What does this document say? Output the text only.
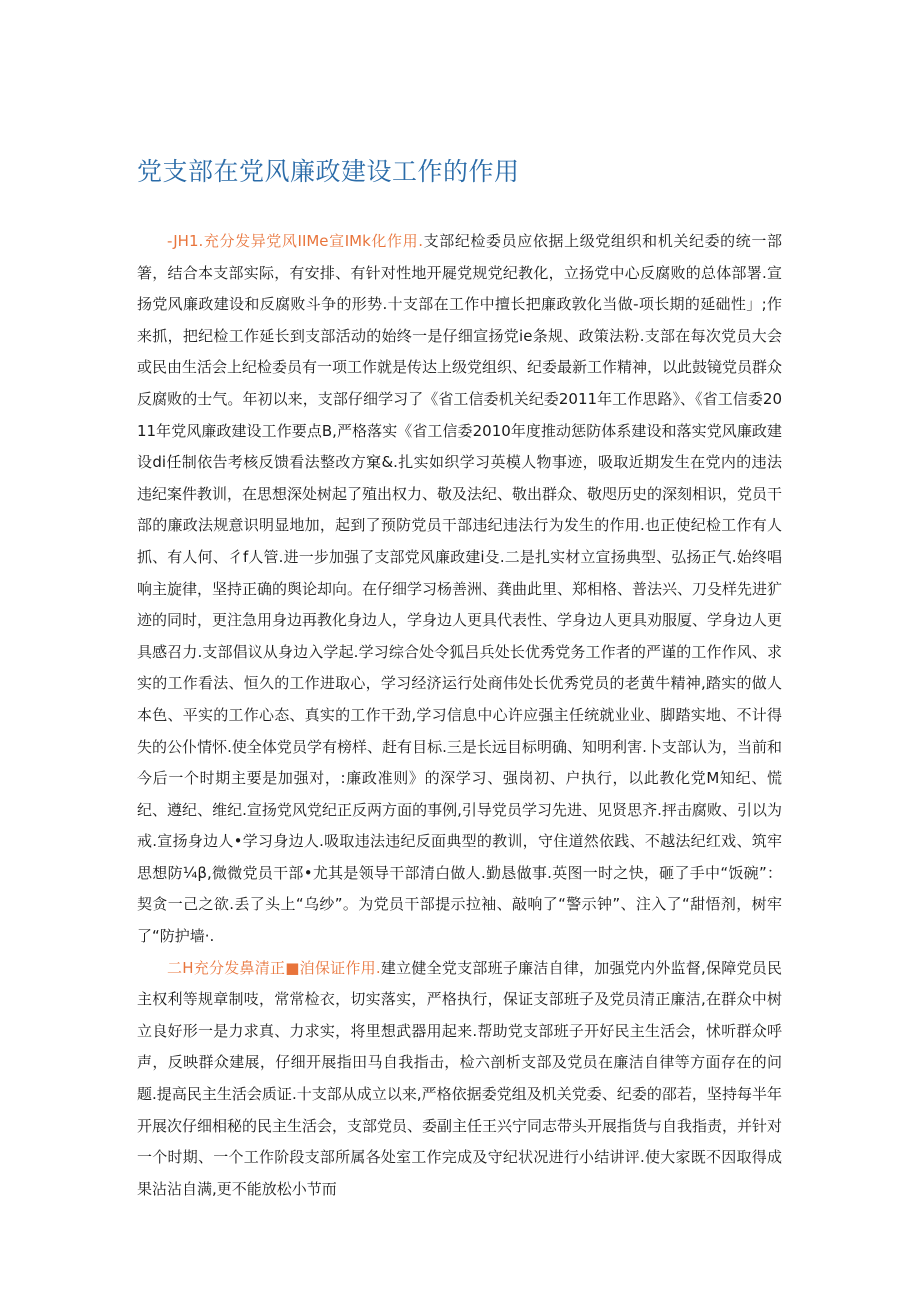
党支部在党风廉政建设工作的作用

-JH1.充分发异党风IIMe宣IMk化作用.支部纪检委员应依据上级党组织和机关纪委的统一部箸，结合本支部实际，有安排、有针对性地开屣党规党纪教化，立扬党中心反腐败的总体部署.宣扬党风廉政建设和反腐败斗争的形势.十支部在工作中擅长把廉政敦化当做-项长期的延础性」;作来抓，把纪检工作延长到支部活动的始终一是仔细宣扬党ie条规、政策法粉.支部在每次党员大会或民由生活会上纪检委员有一项工作就是传达上级党组织、纪委最新工作精神，以此鼓镜党员群众反腐败的士气。年初以来，支部仔细学习了《省工信委机关纪委2011年工作思路》、《省工信委2011年党风廉政建设工作要点B,严格落实《省工信委2010年度推动惩防体系建设和落实党风廉政建设di任制依告考核反馈看法整改方窠&.扎实如织学习英模人物事迹，吸取近期发生在党内的违法违纪案件教训，在思想深处树起了殖出权力、敬及法纪、敬出群众、敬咫历史的深刻相识，党员干部的廉政法规意识明显地加，起到了预防党员干部违纪违法行为发生的作用.也正使纪检工作有人抓、有人何、彳f人管.进一步加强了支部党风廉政建i殳.二是扎实材立宣扬典型、弘扬正气.始终唱响主旋律，坚持正确的舆论却向。在仔细学习杨善洲、龚曲此里、郑相格、普法兴、刀殳样先进犷迹的同时，更注急用身边再教化身边人，学身边人更具代表性、学身边人更具劝服厦、学身边人更具感召力.支部倡议从身边入学起.学习综合处令狐吕兵处长优秀党务工作者的严谨的工作作风、求实的工作看法、恒久的工作进取心，学习经济运行处商伟处长优秀党员的老黄牛精神,踏实的做人本色、平实的工作心态、真实的工作干劲,学习信息中心许应强主任统就业业、脚踏实地、不计得失的公仆情怀.使全体党员学有榜样、赶有目标.三是长远目标明确、知明利害.卜支部认为，当前和今后一个时期主要是加强对，:廉政准则》的深学习、强岗初、户执行，以此教化党M知纪、慌纪、遵纪、维纪.宣扬党风党纪正反两方面的事例,引导党员学习先进、见贤思齐.抨击腐败、引以为戒.宣扬身边人•学习身边人.吸取违法违纪反面典型的教训，守住道然依践、不越法纪红戏、筑牢思想防¼β,微微党员干部•尤其是领导干部清白做人.勤恳做事.英图一时之快，砸了手中“饭碗”：契贪一己之欲.丢了头上“乌纱”。为党员干部提示拉袖、敲响了“警示钟”、注入了“甜悟剂，树牢了“防护墙·.

二H充分发鼻清正■洎保证作用.建立健全党支部班子廉洁自律，加强党内外监督,保障党员民主权利等规章制吱，常常检衣，切实落实，严格执行，保证支部班子及党员清正廉洁,在群众中树立良好形一是力求真、力求实，将里想武器用起来.帮助党支部班子开好民主生活会，怵听群众呼声，反映群众建展，仔细开展指田马自我指击，检六剖析支部及党员在廉洁自律等方面存在的问题.提高民主生活会质证.十支部从成立以来,严格依据委党组及机关党委、纪委的邵若，坚持每半年开展次仔细相秘的民主生活会，支部党员、委副主任王兴宁同志带头开展指货与自我指责，并针对一个时期、一个工作阶段支部所属各处室工作完成及守纪状况进行小结讲评.使大家既不因取得成果沾沾自满,更不能放松小节而
